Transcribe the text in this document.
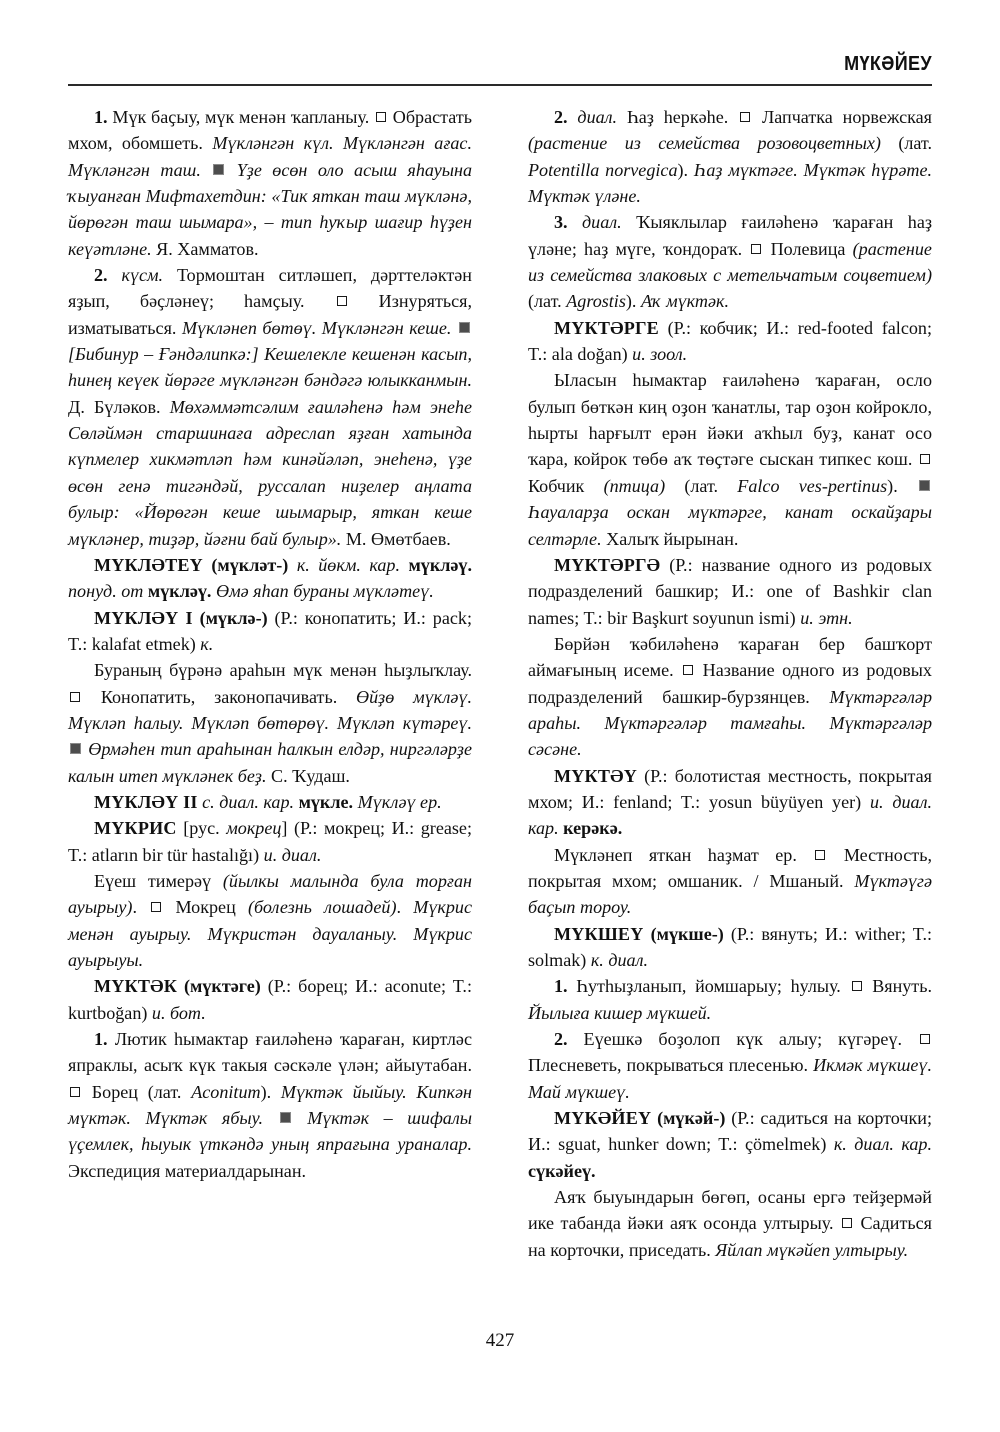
МҮКӘЙЕУ

1. Мүк баҫыу, мүк менән ҡапланыу. Обрастать мхом, обомшеть. Мүкләнгән күл. Мүкләнгән ағас. Мүкләнгән таш. Үҙе өсөн оло асыш яһауына ҡыуанған Мифтахетдин: «Тик яткан таш мүкләнә, йөрөгән таш шымара», – тип һуҡыр шағир һүҙен кеүәтләне. Я. Хамматов.

2. күсм. Тормоштан ситләшеп, дәрттеләктән яҙып, бәҫләнеү; һамҫыу.	Изнуряться, изматываться. Мүкләнеп бөтөү. Мүкләнгән кеше.  [Бибинур – Ғәндәлипкә:] Кешелекле кешенән касып, һинең кеүек йөрәге мүкләнгән бәндәгә юлыкканмын. Д. Бүләков. Мөхәммәтсәлим ғаиләһенә һәм энеһе Сөләймән старшинаға адреслап яҙған хатында күпмелер хикмәтләп һәм кинәйәләп, энеһенә, үҙе өсөн генә тигәндәй, руссалап ниҙелер аңлата булыр: «Йөрөгән кеше шымарыр, яткан кеше мүкләнер, тиҙәр, йәғни бай булыр». М. Өмөтбаев.

МҮКЛӘТЕҮ (мүкләт-) к. йөкм. кар. мүкләү. понуд. от мүкләү. Өмә яһап бураны мүкләтеү.

МҮКЛӘҮ I (мүклә-) (Р.: конопатить; И.: pack; T.: kalafat etmek) к.

Бураның бүрәнә араһын мүк менән һыҙлыҡлау.  Конопатить, законопачивать. Өйҙө мүкләү. Мүкләп һалыу. Мүкләп бөтөрөү. Мүкләп күтәреү.  Өрмәһен тип араһынан һалкын елдәр, ниргәләрҙе калын итеп мүкләнек беҙ. С. Ҡудаш.

МҮКЛӘҮ II с. диал. кар. мүкле. Мүкләү ер.

МҮКРИС [рус. мокрец] (Р.: мокрец; И.: grease; T.: atların bir tür hastalığı) и. диал.

Еүеш тимерәү (йылкы малында була торған ауырыу). Мокрец (болезнь лошадей). Мүкрис менән ауырыу. Мүкристән дауаланыу. Мүкрис ауырыуы.

МҮКТӘК (мүктәге) (Р.: борец; И.: aconute; T.: kurtboğan) и. бот.

1. Лютик һымактар ғаиләһенә ҡараған, киртләс япраклы, асыҡ күк такыя сәскәле үлән; айыутабан.  Борец (лат. Aconitum). Мүктәк йыйыу. Кипкән мүктәк. Мүктәк ябыу. Мүктәк – шифалы үҫемлек, һыуык үткәндә уның япрағына ураналар. Экспедиция материалдарынан.

2. диал. Һаҙ һеркәһе. Лапчатка норвежская (растение из семейства розовоцветных) (лат. Potentilla norvegica). Һаҙ мүктәге. Мүктәк һүрәте. Мүктәк үләне.

3. диал. Ҡыяклылар ғаиләһенә ҡараған һаҙ үләне; һаҙ мүге, ҡондораҡ. Полевица (растение из семейства злаковых с метельчатым соцветием) (лат. Agrostis). Аҡ мүктәк.

МҮКТӘРГЕ (Р.: кобчик; И.: red-footed falcon; T.: ala doğan) и. зоол.

Ыласын һымактар ғаиләһенә ҡараған, осло булып бөткән киң оҙон ҡанатлы, тар оҙон койрокло, һырты һарғылт ерән йәки аҡһыл буҙ, канат осо ҡара, койрок төбө аҡ төҫтәге сыскан типкес кош.  Кобчик (птица) (лат. Falco ves-pertinus).  Һауаларҙа оскан мүктәрге, канат оскайҙары селтәрле. Халыҡ йырынан.

МҮКТӘРГӘ (Р.: название одного из родовых подразделений башкир; И.: one of Bashkir clan names; T.: bir Başkurt soyunun ismi) и. этн.

Бөрйән ҡәбиләһенә ҡараған бер башҡорт аймағының исеме. Название одного из родовых подразделений башкир-бурзянцев. Мүктәргәләр араһы. Мүктәргәләр тамғаһы. Мүктәргәләр сәсәне.

МҮКТӘҮ (Р.: болотистая местность, покрытая мхом; И.: fenland; T.: yosun büyüyen yer) и. диал. кар. керәкә.

Мүкләнеп яткан һаҙмат ер.	Местность, покрытая мхом; омшаник. / Мшаный. Мүктәүгә баҫып тороу.

МҮКШЕҮ (мүкше-) (Р.: вянуть; И.: wither; T.: solmak) к. диал.

1. Һутһыҙланып, йомшарыу; һулыу. Вянуть. Йылыға кишер мүкшей.

2. Еүешкә боҙолоп күк алыу; күгәреү.  Плесневеть, покрываться плесенью. Икмәк мүкшеү. Май мүкшеү.

МҮКӘЙЕҮ (мүкәй-) (Р.: садиться на корточки; И.: sguat, hunker down; T.: çömelmek) к. диал. кар. сүкәйеү.

Аяҡ быуындарын бөгөп, осаны ергә тейҙермәй ике табанда йәки аяҡ осонда ултырыу. Садиться на корточки, приседать. Яйлап мүкәйеп ултырыу.

427
